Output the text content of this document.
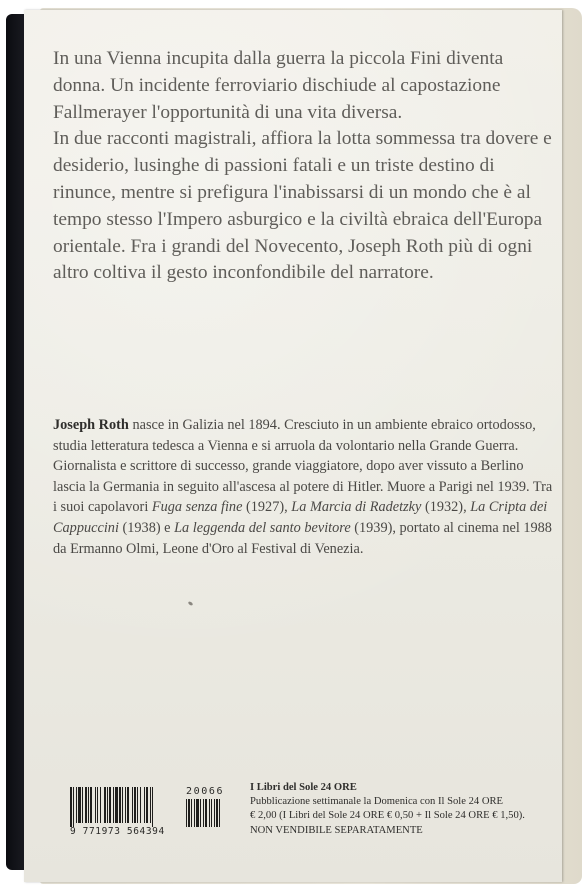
In una Vienna incupita dalla guerra la piccola Fini diventa donna. Un incidente ferroviario dischiude al capostazione Fallmerayer l'opportunità di una vita diversa.

In due racconti magistrali, affiora la lotta sommessa tra dovere e desiderio, lusinghe di passioni fatali e un triste destino di rinunce, mentre si prefigura l'inabissarsi di un mondo che è al tempo stesso l'Impero asburgico e la civiltà ebraica dell'Europa orientale. Fra i grandi del Novecento, Joseph Roth più di ogni altro coltiva il gesto inconfondibile del narratore.

Joseph Roth nasce in Galizia nel 1894. Cresciuto in un ambiente ebraico ortodosso, studia letteratura tedesca a Vienna e si arruola da volontario nella Grande Guerra. Giornalista e scrittore di successo, grande viaggiatore, dopo aver vissuto a Berlino lascia la Germania in seguito all'ascesa al potere di Hitler. Muore a Parigi nel 1939. Tra i suoi capolavori Fuga senza fine (1927), La Marcia di Radetzky (1932), La Cripta dei Cappuccini (1938) e La leggenda del santo bevitore (1939), portato al cinema nel 1988 da Ermanno Olmi, Leone d'Oro al Festival di Venezia.
9 771973 564394
20066 I Libri del Sole 24 ORE
Pubblicazione settimanale la Domenica con Il Sole 24 ORE
€ 2,00 (I Libri del Sole 24 ORE € 0,50 + Il Sole 24 ORE € 1,50).
NON VENDIBILE SEPARATAMENTE
